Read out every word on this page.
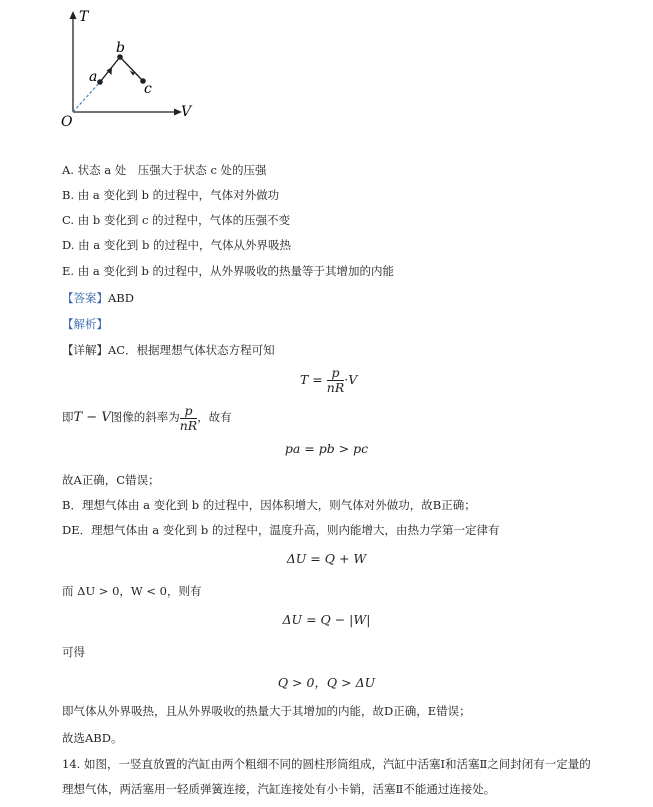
T
V
O
a
b
c
A. 状态 a 处　压强大于状态 c 处的压强
B. 由 a 变化到 b 的过程中，气体对外做功
C. 由 b 变化到 c 的过程中，气体的压强不变
D. 由 a 变化到 b 的过程中，气体从外界吸热
E. 由 a 变化到 b 的过程中，从外界吸收的热量等于其增加的内能
【答案】ABD
【解析】
【详解】AC．根据理想气体状态方程可知
$T = \frac{p}{nR} \cdot V$
即T − V图像的斜率为 $\frac{p}{nR}$ ，故有
pa = pb > pc
故A正确，C错误；
B．理想气体由 a 变化到 b 的过程中，因体积增大，则气体对外做功，故B正确；
DE．理想气体由 a 变化到 b 的过程中，温度升高，则内能增大，由热力学第一定律有
ΔU = Q + W
而 ΔU > 0，W < 0，则有
ΔU = Q − |W|
可得
Q > 0，Q > ΔU
即气体从外界吸热，且从外界吸收的热量大于其增加的内能，故D正确，E错误；
故选ABD。
14. 如图，一竖直放置的汽缸由两个粗细不同的圆柱形筒组成，汽缸中活塞Ⅰ和活塞Ⅱ之间封闭有一定量的
理想气体，两活塞用一轻质弹簧连接，汽缸连接处有小卡销，活塞Ⅱ不能通过连接处。
